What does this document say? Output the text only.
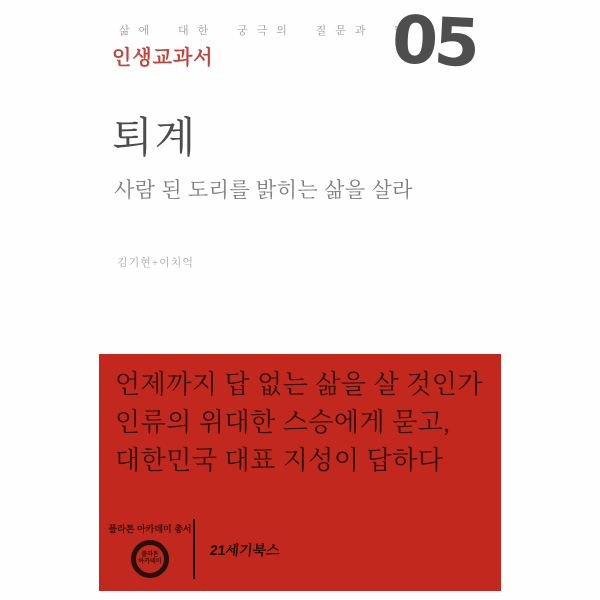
삶에 대한 궁극의 질문과 답
인생교과서	05
퇴계
사람 된 도리를 밝히는 삶을 살라
김기현+이치억
언제까지 답 없는 삶을 살 것인가
인류의 위대한 스승에게 묻고,
대한민국 대표 지성이 답하다
플라톤 아카데미 총서
플라톤
아카데미
21세기북스
